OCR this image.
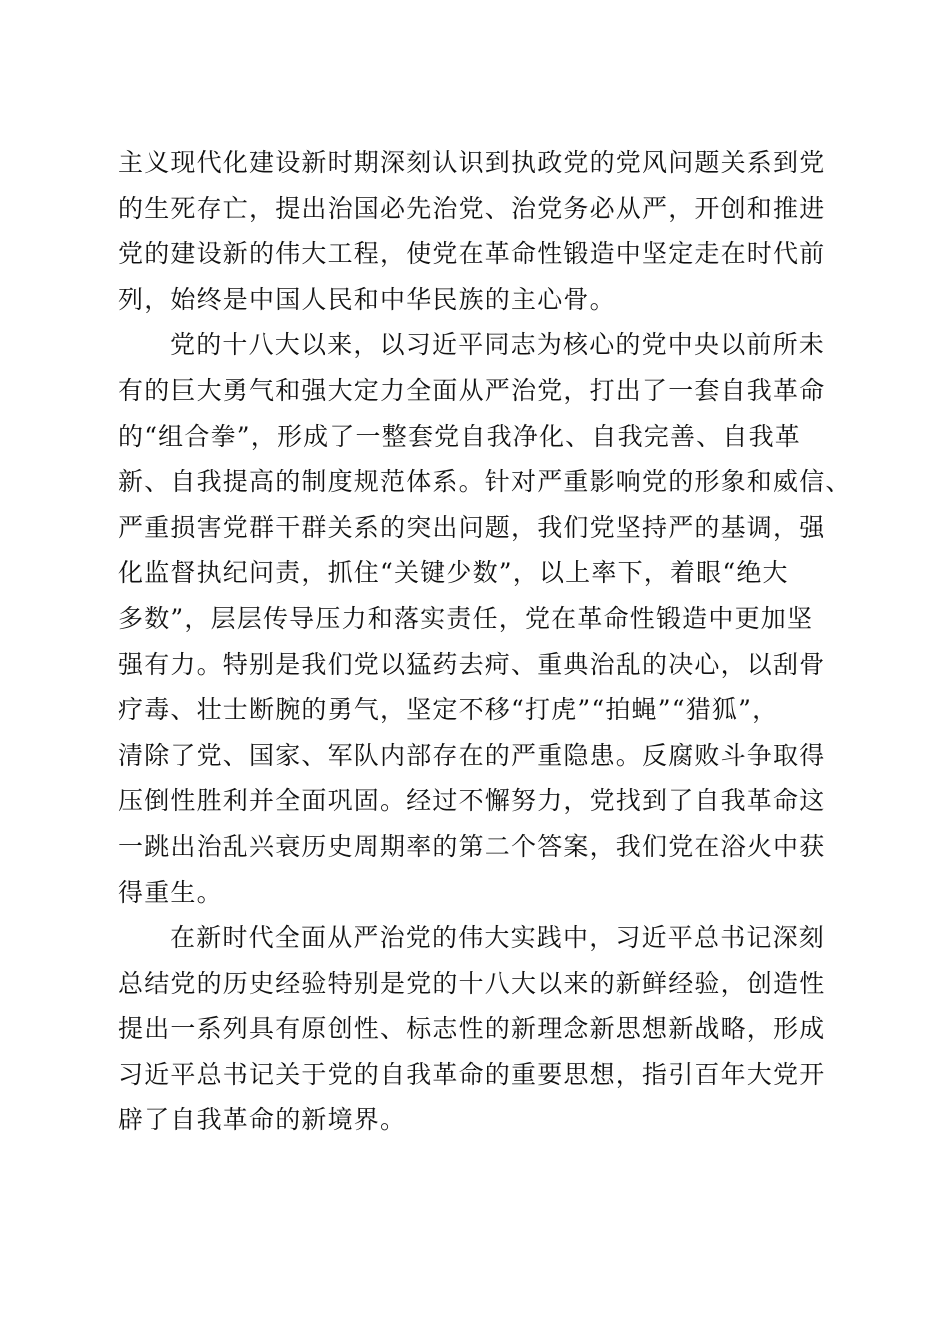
主义现代化建设新时期深刻认识到执政党的党风问题关系到党
的生死存亡，提出治国必先治党、治党务必从严，开创和推进
党的建设新的伟大工程，使党在革命性锻造中坚定走在时代前
列，始终是中国人民和中华民族的主心骨。
党的十八大以来，以习近平同志为核心的党中央以前所未
有的巨大勇气和强大定力全面从严治党，打出了一套自我革命
的“组合拳”，形成了一整套党自我净化、自我完善、自我革
新、自我提高的制度规范体系。针对严重影响党的形象和威信、
严重损害党群干群关系的突出问题，我们党坚持严的基调，强
化监督执纪问责，抓住“关键少数”，以上率下，着眼“绝大
多数”，层层传导压力和落实责任，党在革命性锻造中更加坚
强有力。特别是我们党以猛药去疴、重典治乱的决心，以刮骨
疗毒、壮士断腕的勇气，坚定不移“打虎”“拍蝇”“猎狐”，
清除了党、国家、军队内部存在的严重隐患。反腐败斗争取得
压倒性胜利并全面巩固。经过不懈努力，党找到了自我革命这
一跳出治乱兴衰历史周期率的第二个答案，我们党在浴火中获
得重生。
在新时代全面从严治党的伟大实践中，习近平总书记深刻
总结党的历史经验特别是党的十八大以来的新鲜经验，创造性
提出一系列具有原创性、标志性的新理念新思想新战略，形成
习近平总书记关于党的自我革命的重要思想，指引百年大党开
辟了自我革命的新境界。
